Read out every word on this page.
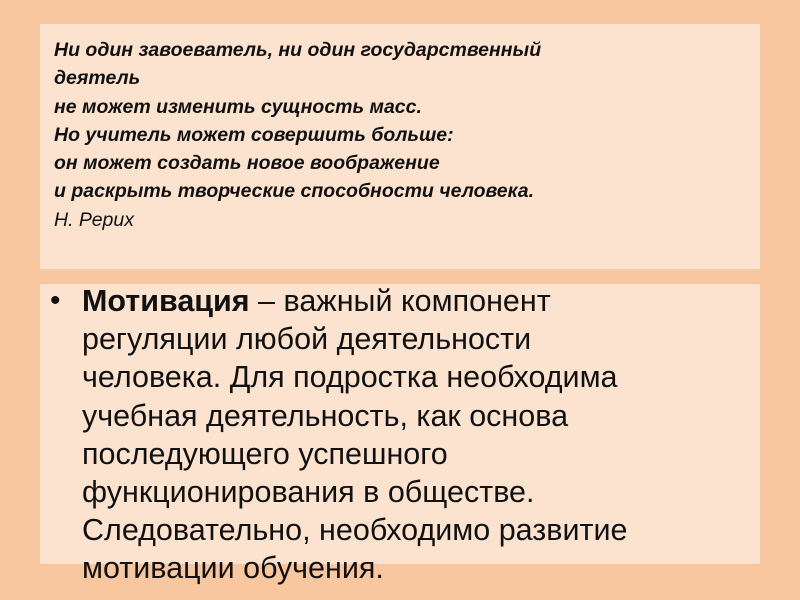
Ни один завоеватель, ни один государственный
деятель
не может изменить сущность масс.
Но учитель может совершить больше:
он может создать новое воображение
и раскрыть творческие способности человека.
Н. Рерих
• Мотивация – важный компонент
регуляции любой деятельности
человека. Для подростка необходима
учебная деятельность, как основа
последующего успешного
функционирования в обществе.
Следовательно, необходимо развитие
мотивации обучения.
